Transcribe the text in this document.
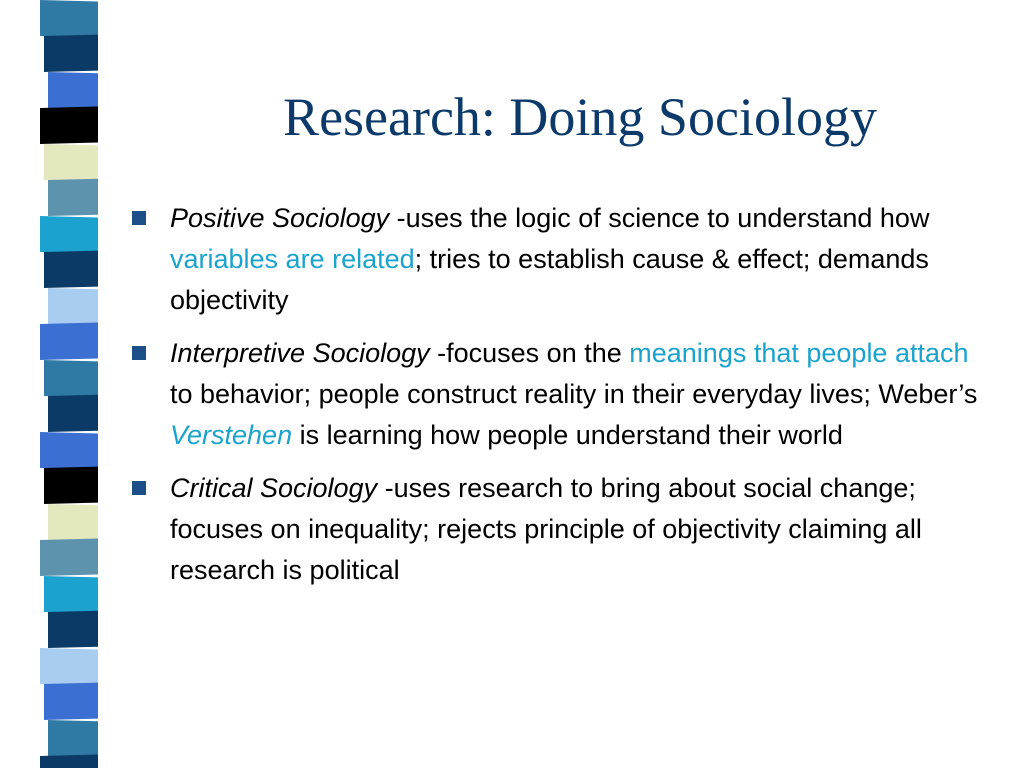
Research: Doing Sociology
Positive Sociology -uses the logic of science to understand how variables are related; tries to establish cause & effect; demands objectivity
Interpretive Sociology -focuses on the meanings that people attach to behavior; people construct reality in their everyday lives; Weber’s Verstehen is learning how people understand their world
Critical Sociology -uses research to bring about social change; focuses on inequality; rejects principle of objectivity claiming all research is political
